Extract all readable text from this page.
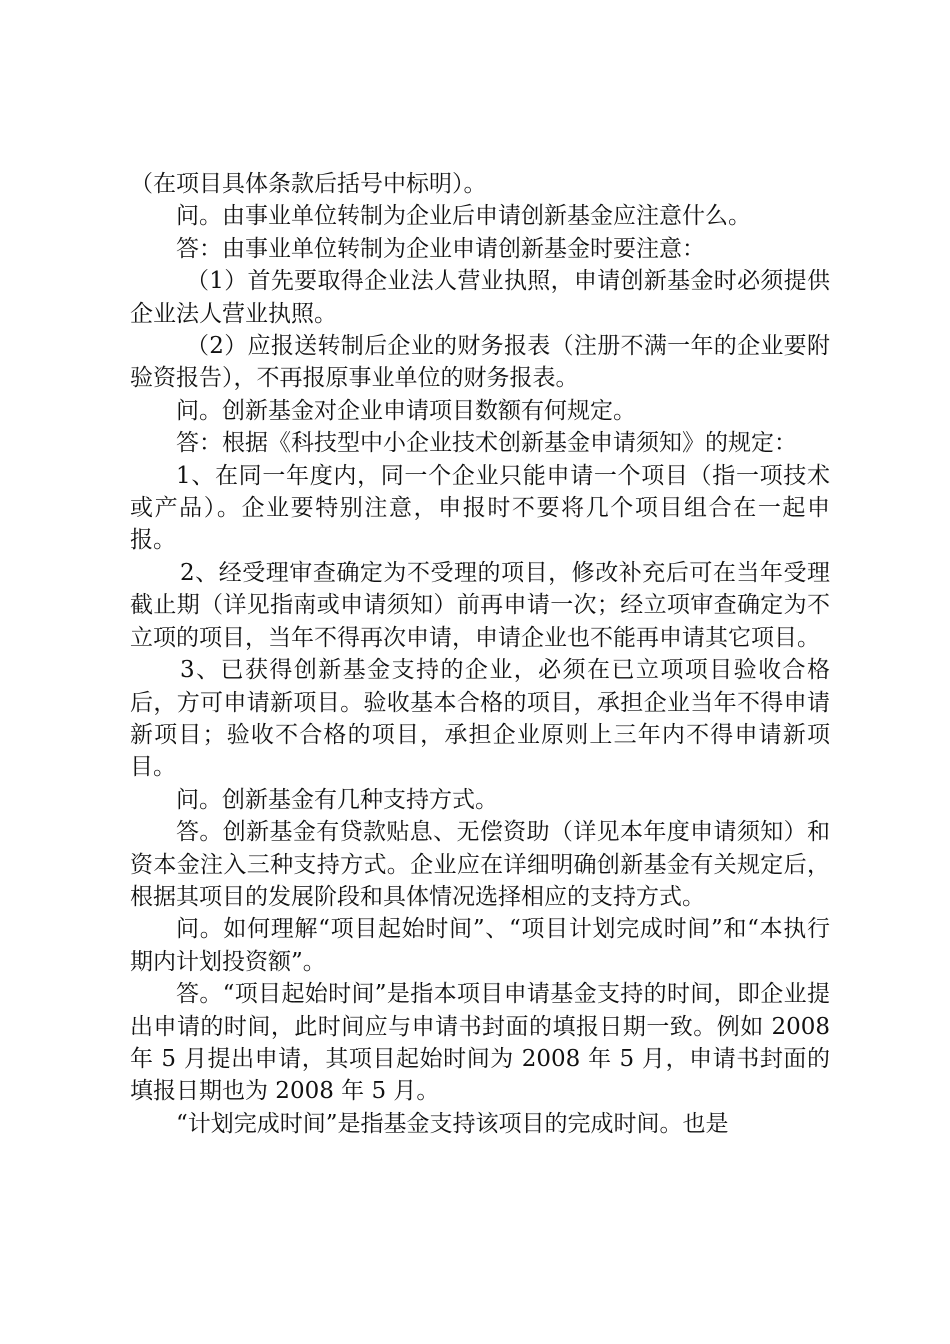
（在项目具体条款后括号中标明）。

问。由事业单位转制为企业后申请创新基金应注意什么。

答：由事业单位转制为企业申请创新基金时要注意：

（1）首先要取得企业法人营业执照，申请创新基金时必须提供企业法人营业执照。

（2）应报送转制后企业的财务报表（注册不满一年的企业要附验资报告），不再报原事业单位的财务报表。

问。创新基金对企业申请项目数额有何规定。

答：根据《科技型中小企业技术创新基金申请须知》的规定：

1、在同一年度内，同一个企业只能申请一个项目（指一项技术或产品）。企业要特别注意，申报时不要将几个项目组合在一起申报。

2、经受理审查确定为不受理的项目，修改补充后可在当年受理截止期（详见指南或申请须知）前再申请一次；经立项审查确定为不立项的项目，当年不得再次申请，申请企业也不能再申请其它项目。

3、已获得创新基金支持的企业，必须在已立项项目验收合格后，方可申请新项目。验收基本合格的项目，承担企业当年不得申请新项目；验收不合格的项目，承担企业原则上三年内不得申请新项目。

问。创新基金有几种支持方式。

答。创新基金有贷款贴息、无偿资助（详见本年度申请须知）和资本金注入三种支持方式。企业应在详细明确创新基金有关规定后，根据其项目的发展阶段和具体情况选择相应的支持方式。

问。如何理解“项目起始时间”、“项目计划完成时间”和“本执行期内计划投资额”。

答。“项目起始时间”是指本项目申请基金支持的时间，即企业提出申请的时间，此时间应与申请书封面的填报日期一致。例如 2008 年 5 月提出申请，其项目起始时间为 2008 年 5 月，申请书封面的填报日期也为 2008 年 5 月。

“计划完成时间”是指基金支持该项目的完成时间。也是
